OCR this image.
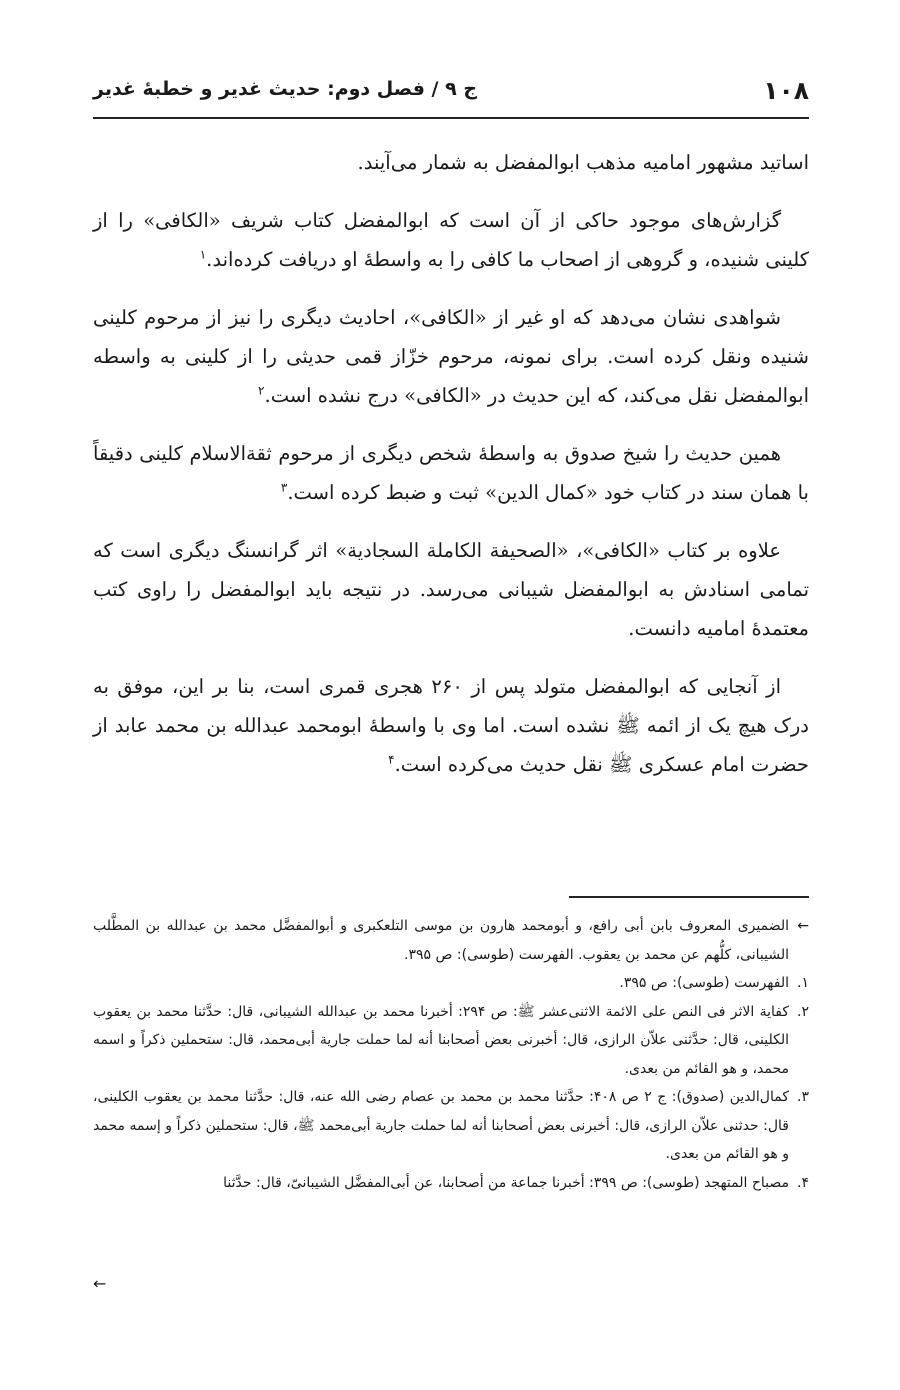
۱۰۸
ج ۹ / فصل دوم: حدیث غدیر و خطبهٔ غدیر

اساتید مشهور امامیه مذهب ابوالمفضل به شمار می‌آیند.

گزارش‌های موجود حاکی از آن است که ابوالمفضل کتاب شریف «الکافی» را از کلینی شنیده، و گروهی از اصحاب ما کافی را به واسطهٔ او دریافت کرده‌اند.$^۱$

شواهدی نشان می‌دهد که او غیر از «الکافی»، احادیث دیگری را نیز از مرحوم کلینی شنیده ونقل کرده است. برای نمونه، مرحوم خزّاز قمی حدیثی را از کلینی به واسطه ابوالمفضل نقل می‌کند، که این حدیث در «الکافی» درج نشده است.$^۲$

همین حدیث را شیخ صدوق به واسطهٔ شخص دیگری از مرحوم ثقةالاسلام کلینی دقیقاً با همان سند در کتاب خود «کمال الدین» ثبت و ضبط کرده است.$^۳$

علاوه بر کتاب «الکافی»، «الصحیفة الکاملة السجادیة» اثر گرانسنگ دیگری است که تمامی اسنادش به ابوالمفضل شیبانی می‌رسد. در نتیجه باید ابوالمفضل را راوی کتب معتمدهٔ امامیه دانست.

از آنجایی که ابوالمفضل متولد پس از ۲۶۰ هجری قمری است، بنا بر این، موفق به درک هیچ یک از ائمه ﷺ نشده است. اما وی با واسطهٔ ابومحمد عبدالله بن محمد عابد از حضرت امام عسکری ﷺ نقل حدیث می‌کرده است.$^۴$

←الضمیری المعروف بابن أبی رافع، و أبومحمد هارون بن موسی التلعکبری و أبوالمفضَّل محمد بن عبدالله بن المطَّلب الشیبانی، کلُّهم عن محمد بن یعقوب. الفهرست (طوسی): ص ۳۹۵.

۱.الفهرست (طوسی): ص ۳۹۵.

۲.کفایة الاثر فی النص علی الائمة الاثنی‌عشر ﷺ: ص ۲۹۴: أخبرنا محمد بن عبدالله الشیبانی، قال: حدَّثنا محمد بن یعقوب الکلینی، قال: حدَّثنی علاّن الرازی، قال: أخبرنی بعض أصحابنا أنه لما حملت جاریة أبی‌محمد، قال: ستحملین ذکراً و اسمه محمد، و هو القائم من بعدی.

۳.کمال‌الدین (صدوق): ج ۲ ص ۴۰۸: حدَّثنا محمد بن محمد بن عصام رضی الله عنه، قال: حدَّثنا محمد بن یعقوب الکلینی، قال: حدثنی علاّن الرازی، قال: أخبرنی بعض أصحابنا أنه لما حملت جاریة أبی‌محمد ﷺ، قال: ستحملین ذکراً و إسمه محمد و هو القائم من بعدی.

۴.مصباح المتهجد (طوسی): ص ۳۹۹: أخبرنا جماعة من أصحابنا، عن أبی‌المفضَّل الشیبانیّ، قال: حدَّثنا

←
